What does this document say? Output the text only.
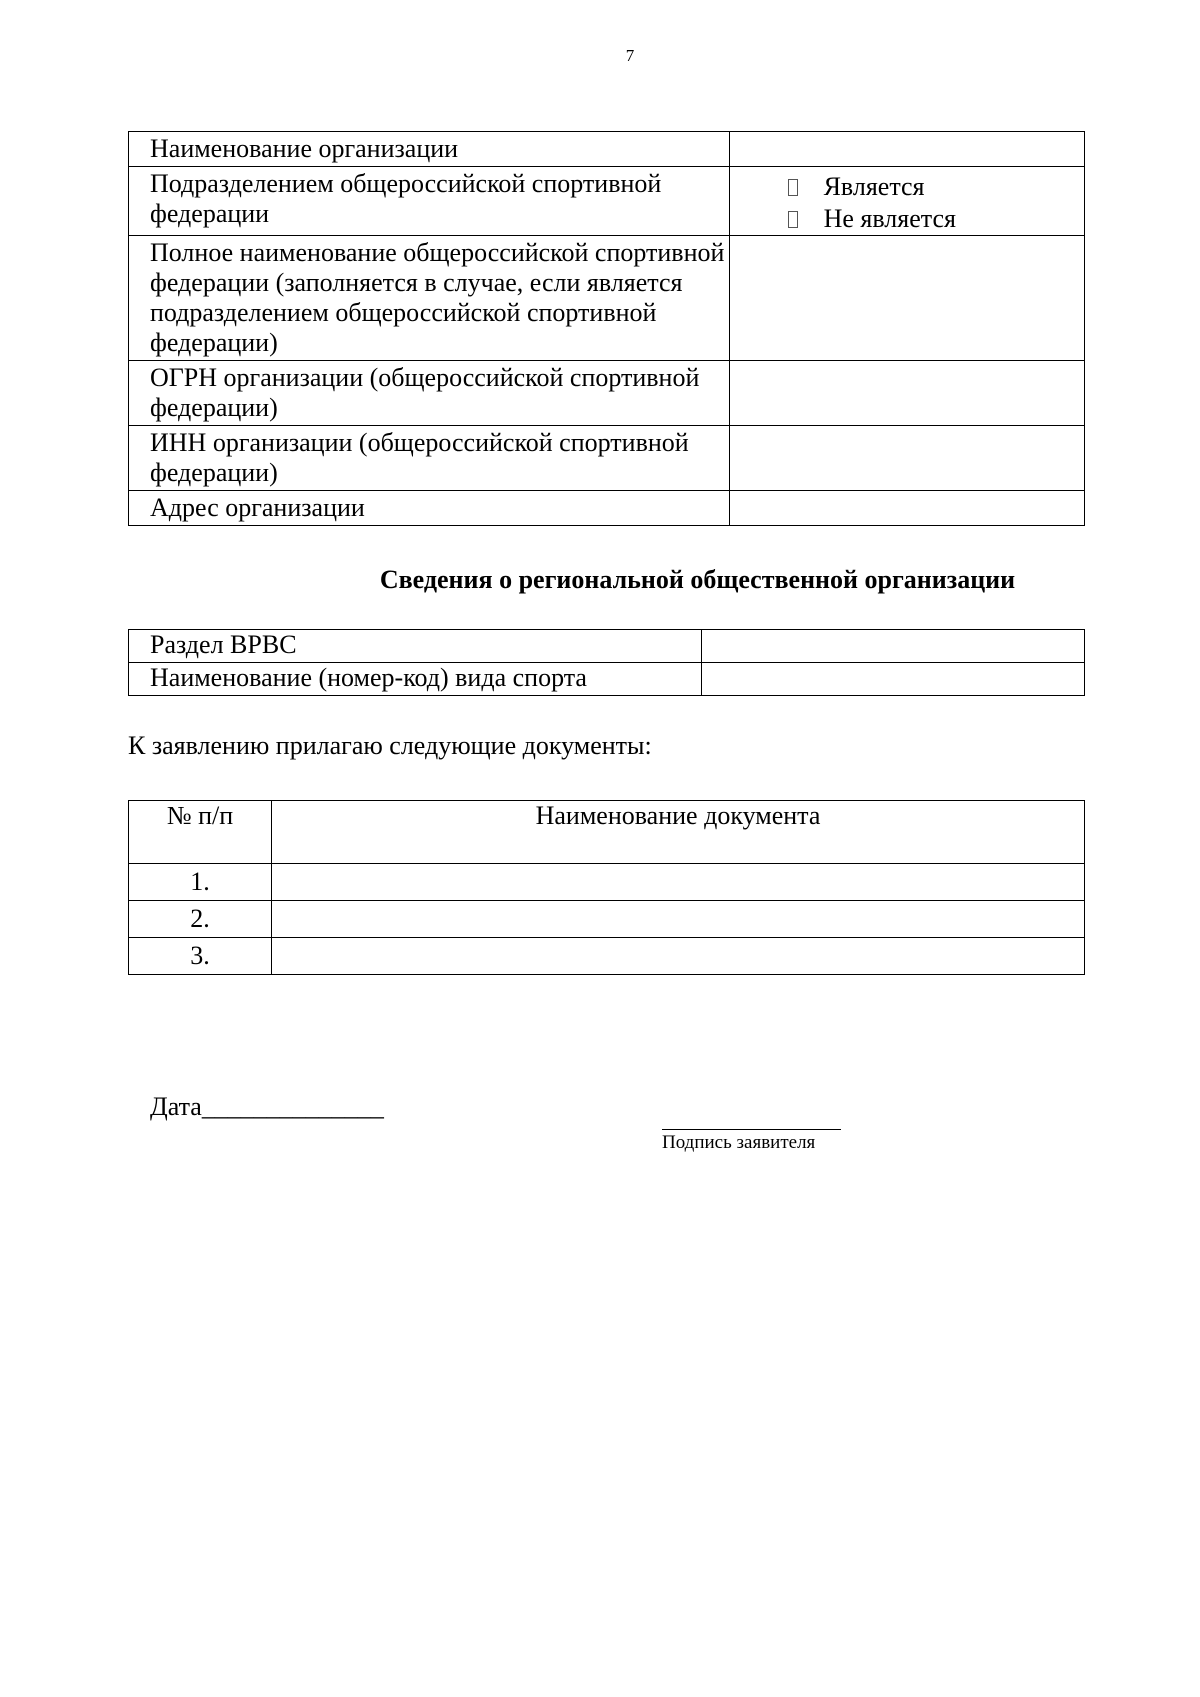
7
Наименование организации	
Подразделением общероссийской спортивной федерации	Является
Не является

Полное наименование общероссийской спортивной федерации (заполняется в случае, если является подразделением общероссийской спортивной федерации)	
ОГРН организации (общероссийской спортивной федерации)	
ИНН организации (общероссийской спортивной федерации)	
Адрес организации	
Сведения о региональной общественной организации
Раздел ВРВС	
Наименование (номер-код) вида спорта	
К заявлению прилагаю следующие документы:
№ п/п	Наименование документа
1.	
2.	
3.	
Дата______________
Подпись заявителя
